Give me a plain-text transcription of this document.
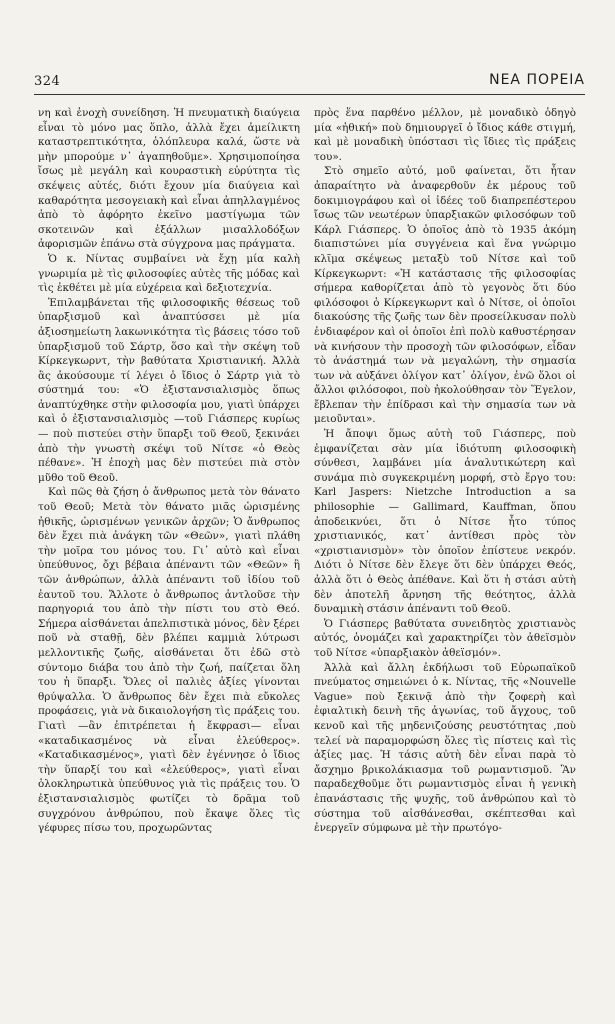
324	ΝΕΑ ΠΟΡΕΙΑ

νη καὶ ἐνοχὴ συνείδηση. Ἡ πνευματικὴ διαύγεια εἶναι τὸ μόνο μας ὅπλο, ἀλλὰ ἔχει ἀμείλικτη καταστρεπτικότητα, ὁλόπλευρα καλά, ὥστε νὰ μὴν μπορούμε ν᾽ ἀγαπηθοῦμε». Χρησιμοποίησα ἴσως μὲ μεγάλη καὶ κουραστικὴ εὐρύτητα τὶς σκέψεις αὐτές, διότι ἔχουν μία διαύγεια καὶ καθαρότητα μεσογειακὴ καὶ εἶναι ἀπηλλαγμένος ἀπὸ τὸ ἀφόρητο ἐκεῖνο μαστίγωμα τῶν σκοτεινῶν καὶ ἐξάλλων μισαλλοδόξων ἀφορισμῶν ἐπάνω στὰ σύγχρονα μας πράγματα.

Ὁ κ. Νίντας συμβαίνει νὰ ἔχῃ μία καλὴ γνωριμία μὲ τὶς φιλοσοφίες αὐτὲς τῆς μόδας καὶ τὶς ἐκθέτει μὲ μία εὐχέρεια καὶ δεξιοτεχνία.

Ἐπιλαμβάνεται τῆς φιλοσοφικῆς θέσεως τοῦ ὑπαρξισμοῦ καὶ ἀναπτύσσει μὲ μία ἀξιοσημείωτη λακωνικότητα τὶς βάσεις τόσο τοῦ ὑπαρξισμοῦ τοῦ Σάρτρ, ὅσο καὶ τὴν σκέψη τοῦ Κίρκεγκωρντ, τὴν βαθύτατα Χριστιανική. Ἀλλὰ ἂς ἀκούσουμε τί λέγει ὁ ἴδιος ὁ Σάρτρ γιὰ τὸ σύστημά του: «Ὁ ἐξιστανσιαλισμὸς ὅπως ἀναπτύχθηκε στὴν φιλοσοφία μου, γιατὶ ὑπάρχει καὶ ὁ ἐξιστανσιαλισμὸς —τοῦ Γιάσπερς κυρίως— ποὺ πιστεύει στὴν ὕπαρξι τοῦ Θεοῦ, ξεκινάει ἀπὸ τὴν γνωστὴ σκέψι τοῦ Νίτσε «ὁ Θεὸς πέθανε». Ἡ ἐποχὴ μας δὲν πιστεύει πιὰ στὸν μῦθο τοῦ Θεοῦ.

Καὶ πῶς θὰ ζήση ὁ ἄνθρωπος μετὰ τὸν θάνατο τοῦ Θεοῦ; Μετὰ τὸν θάνατο μιᾶς ὡρισμένης ἠθικῆς, ὡρισμένων γενικῶν ἀρχῶν; Ὁ ἄνθρωπος δὲν ἔχει πιὰ ἀνάγκη τῶν «Θεῶν», γιατὶ πλάθη τὴν μοῖρα του μόνος του. Γι᾽ αὐτὸ καὶ εἶναι ὑπεύθυνος, ὄχι βέβαια ἀπέναντι τῶν «Θεῶν» ἢ τῶν ἀνθρώπων, ἀλλὰ ἀπέναντι τοῦ ἰδίου τοῦ ἑαυτοῦ του. Ἄλλοτε ὁ ἄνθρωπος ἀντλοῦσε τὴν παρηγοριά του ἀπὸ τὴν πίστι του στὸ Θεό. Σήμερα αἰσθάνεται ἀπελπιστικὰ μόνος, δὲν ξέρει ποῦ νὰ σταθῇ, δὲν βλέπει καμμιὰ λύτρωσι μελλοντικῆς ζωῆς, αἰσθάνεται ὅτι ἐδῶ στὸ σύντομο διάβα του ἀπὸ τὴν ζωή, παίζεται ὅλη του ἡ ὕπαρξι. Ὅλες οἱ παλιὲς ἀξίες γίνονται θρύψαλλα. Ὁ ἄνθρωπος δὲν ἔχει πιὰ εὔκολες προφάσεις, γιὰ νὰ δικαιολογήση τὶς πράξεις του. Γιατὶ —ἂν ἐπιτρέπεται ἡ ἔκφρασι— εἶναι «καταδικασμένος νὰ εἶναι ἐλεύθερος». «Καταδικασμένος», γιατὶ δὲν ἐγέννησε ὁ ἴδιος τὴν ὕπαρξί του καὶ «ἐλεύθερος», γιατὶ εἶναι ὁλοκληρωτικὰ ὑπεύθυνος γιὰ τὶς πράξεις του. Ὁ ἐξιστανσιαλισμὸς φωτίζει τὸ δρᾶμα τοῦ συγχρόνου ἀνθρώπου, ποὺ ἔκαψε ὅλες τὶς γέφυρες πίσω του, προχωρῶντας

πρὸς ἕνα παρθένο μέλλον, μὲ μοναδικὸ ὁδηγὸ μία «ἠθική» ποὺ δημιουργεῖ ὁ ἴδιος κάθε στιγμή, καὶ μὲ μοναδικὴ ὑπόστασι τὶς ἴδιες τὶς πράξεις του».

Στὸ σημεῖο αὐτό, μοῦ φαίνεται, ὅτι ἦταν ἀπαραίτητο νὰ ἀναφερθοῦν ἐκ μέρους τοῦ δοκιμιογράφου καὶ οἱ ἰδέες τοῦ διαπρεπέστερου ἴσως τῶν νεωτέρων ὑπαρξιακῶν φιλοσόφων τοῦ Κάρλ Γιάσπερς. Ὁ ὁποῖος ἀπὸ τὸ 1935 ἀκόμη διαπιστώνει μία συγγένεια καὶ ἕνα γνώριμο κλῖμα σκέψεως μεταξὺ τοῦ Νίτσε καὶ τοῦ Κίρκεγκωρντ: «Ἡ κατάστασις τῆς φιλοσοφίας σήμερα καθορίζεται ἀπὸ τὸ γεγονὸς ὅτι δύο φιλόσοφοι ὁ Κίρκεγκωρντ καὶ ὁ Νίτσε, οἱ ὁποῖοι διακούσης τῆς ζωῆς των δὲν προσείλκυσαν πολὺ ἐνδιαφέρον καὶ οἱ ὁποῖοι ἐπὶ πολὺ καθυστέρησαν νὰ κινήσουν τὴν προσοχὴ τῶν φιλοσόφων, εἶδαν τὸ ἀνάστημά των νὰ μεγαλώνη, τὴν σημασία των νὰ αὐξάνει ὀλίγον κατ᾽ ὀλίγον, ἐνῶ ὅλοι οἱ ἄλλοι φιλόσοφοι, ποὺ ἠκολούθησαν τὸν Ἕγελον, ἔβλεπαν τὴν ἐπίδρασι καὶ τὴν σημασία των νὰ μειοῦνται».

Ἡ ἄποψι ὅμως αὐτὴ τοῦ Γιάσπερς, ποὺ ἐμφανίζεται σὰν μία ἰδιότυπη φιλοσοφικὴ σύνθεσι, λαμβάνει μία ἀναλυτικώτερη καὶ συνάμα πιὸ συγκεκριμένη μορφή, στὸ ἔργο του: Karl Jaspers: Nietzche Introduction a sa philosophie — Gallimard, Kauffman, ὅπου ἀποδεικνύει, ὅτι ὁ Νίτσε ἦτο τύπος χριστιανικός, κατ᾽ ἀντίθεσι πρὸς τὸν «χριστιανισμὸν» τὸν ὁποῖον ἐπίστευε νεκρόν. Διότι ὁ Νίτσε δὲν ἔλεγε ὅτι δὲν ὑπάρχει Θεός, ἀλλὰ ὅτι ὁ Θεὸς ἀπέθανε. Καὶ ὅτι ἡ στάσι αὐτὴ δὲν ἀποτελῆ ἄρνηση τῆς θεότητος, ἀλλὰ δυναμικὴ στάσιν ἀπέναντι τοῦ Θεοῦ.

Ὁ Γιάσπερς βαθύτατα συνειδητὸς χριστιανὸς αὐτός, ὀνομάζει καὶ χαρακτηρίζει τὸν ἀθεϊσμὸν τοῦ Νίτσε «ὑπαρξιακὸν ἀθεϊσμόν».

Ἀλλὰ καὶ ἄλλη ἐκδήλωσι τοῦ Εὐρωπαϊκοῦ πνεύματος σημειώνει ὁ κ. Νίντας, τῆς «Nouvelle Vague» ποὺ ξεκινᾷ ἀπὸ τὴν ζοφερὴ καὶ ἐφιαλτικὴ δεινὴ τῆς ἀγωνίας, τοῦ ἄγχους, τοῦ κενοῦ καὶ τῆς μηδενιζούσης ρευστότητας ,ποὺ τελεί νὰ παραμορφώση ὅλες τὶς πίστεις καὶ τὶς ἀξίες μας. Ἡ τάσις αὐτὴ δὲν εἶναι παρὰ τὸ ἄσχημο βρικολάκιασμα τοῦ ρωμαντισμοῦ. Ἂν παραδεχθοῦμε ὅτι ρωμαντισμὸς εἶναι ἡ γενικὴ ἐπανάστασις τῆς ψυχῆς, τοῦ ἀνθρώπου καὶ τὸ σύστημα τοῦ αἰσθάνεσθαι, σκέπτεσθαι καὶ ἐνεργεῖν σύμφωνα μὲ τὴν πρωτόγο-
